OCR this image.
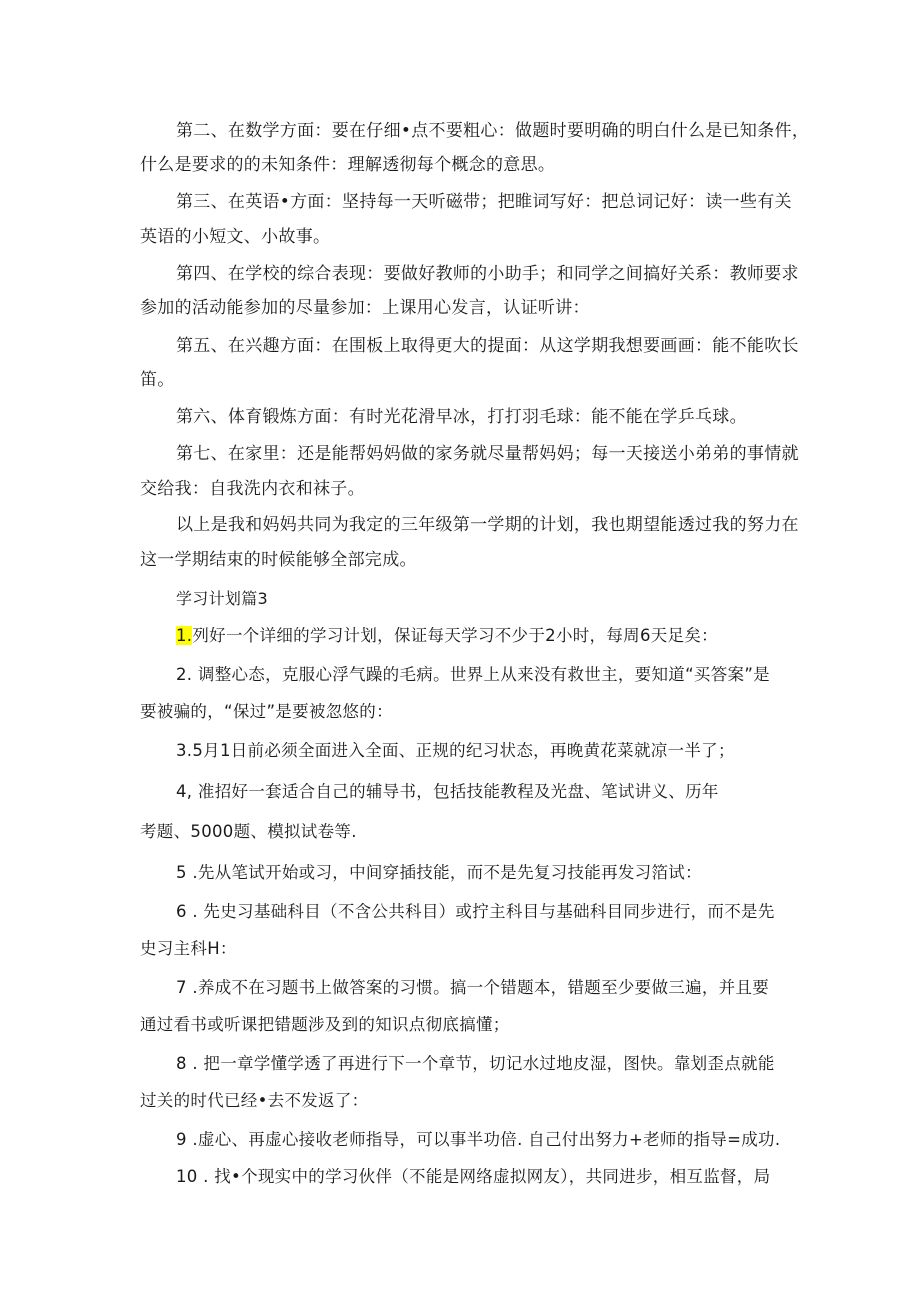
第二、在数学方面：要在仔细•点不要粗心：做题时要明确的明白什么是已知条件，
什么是要求的的未知条件：理解透彻每个概念的意思。
第三、在英语•方面：坚持每一天听磁带；把睢词写好：把总词记好：读一些有关
英语的小短文、小故事。
第四、在学校的综合表现：要做好教师的小助手；和同学之间搞好关系：教师要求
参加的活动能参加的尽量参加：上课用心发言，认证听讲：
第五、在兴趣方面：在围板上取得更大的提面：从这学期我想要画画：能不能吹长
笛。
第六、体育锻炼方面：有时光花滑早冰，打打羽毛球：能不能在学乒乓球。
第七、在家里：还是能帮妈妈做的家务就尽量帮妈妈；每一天接送小弟弟的事情就
交给我：自我洗内衣和袜子。
以上是我和妈妈共同为我定的三年级第一学期的计划，我也期望能透过我的努力在
这一学期结束的时候能够全部完成。
学习计划篇3
1.列好一个详细的学习计划，保证每天学习不少于2小时，每周6天足矣：
2. 调整心态，克服心浮气躁的毛病。世界上从来没有救世主，要知道“买答案”是
要被骗的，“保过”是要被忽悠的：
3.5月1日前必须全面进入全面、正规的纪习状态，再晚黄花菜就凉一半了；
4, 准招好一套适合自己的辅导书，包括技能教程及光盘、笔试讲义、历年
考题、5000题、模拟试卷等.
5 .先从笔试开始或习，中间穿插技能，而不是先复习技能再发习箔试：
6 . 先史习基础科目（不含公共科目）或拧主科目与基础科目同步进行，而不是先
史习主科H：
7 .养成不在习题书上做答案的习惯。搞一个错题本，错题至少要做三遍，并且要
通过看书或听课把错题涉及到的知识点彻底搞懂；
8 . 把一章学懂学透了再进行下一个章节，切记水过地皮湿，图快。靠划歪点就能
过关的时代已经•去不发返了：
9 .虚心、再虚心接收老师指导，可以事半功倍. 自己付出努力+老师的指导=成功.
10 . 找•个现实中的学习伙伴（不能是网络虚拟网友），共同进步，相互监督，局
